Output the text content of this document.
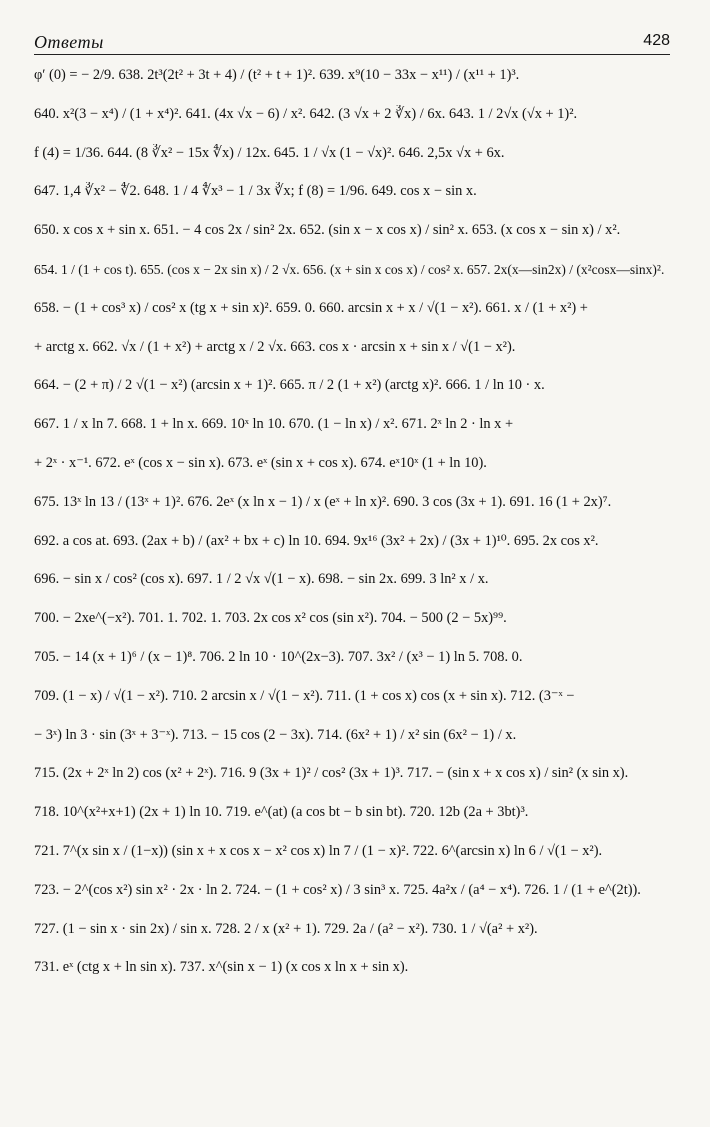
Ответы	428
φ′ (0) = − 2/9. 638. 2t³(2t² + 3t + 4) / (t² + t + 1)². 639. x⁹(10 − 33x − x¹¹) / (x¹¹ + 1)³.
640. x²(3 − x⁴) / (1 + x⁴)². 641. (4x √x − 6) / x². 642. (3 √x + 2 ∛x) / 6x. 643. 1 / 2√x (√x + 1)².
f (4) = 1/36. 644. (8 ∛x² − 15x ∜x) / 12x. 645. 1 / √x (1 − √x)². 646. 2,5x √x + 6x.
647. 1,4 ∛x² − ∜2. 648. 1 / 4 ∜x³ − 1 / 3x ∛x; f (8) = 1/96. 649. cos x − sin x.
650. x cos x + sin x. 651. − 4 cos 2x / sin² 2x. 652. (sin x − x cos x) / sin² x. 653. (x cos x − sin x) / x².
654. 1 / (1 + cos t). 655. (cos x − 2x sin x) / 2 √x. 656. (x + sin x cos x) / cos² x. 657. 2x(x—sin2x) / (x²cosx—sinx)².
658. − (1 + cos³ x) / cos² x (tg x + sin x)². 659. 0. 660. arcsin x + x / √(1 − x²). 661. x / (1 + x²) +
+ arctg x. 662. √x / (1 + x²) + arctg x / 2 √x. 663. cos x · arcsin x + sin x / √(1 − x²).
664. − (2 + π) / 2 √(1 − x²) (arcsin x + 1)². 665. π / 2 (1 + x²) (arctg x)². 666. 1 / ln 10 · x.
667. 1 / x ln 7. 668. 1 + ln x. 669. 10ˣ ln 10. 670. (1 − ln x) / x². 671. 2ˣ ln 2 · ln x +
+ 2ˣ · x⁻¹. 672. eˣ (cos x − sin x). 673. eˣ (sin x + cos x). 674. eˣ10ˣ (1 + ln 10).
675. 13ˣ ln 13 / (13ˣ + 1)². 676. 2eˣ (x ln x − 1) / x (eˣ + ln x)². 690. 3 cos (3x + 1). 691. 16 (1 + 2x)⁷.
692. a cos at. 693. (2ax + b) / (ax² + bx + c) ln 10. 694. 9x¹⁶ (3x² + 2x) / (3x + 1)¹⁰. 695. 2x cos x².
696. − sin x / cos² (cos x). 697. 1 / 2 √x √(1 − x). 698. − sin 2x. 699. 3 ln² x / x.
700. − 2xe^(−x²). 701. 1. 702. 1. 703. 2x cos x² cos (sin x²). 704. − 500 (2 − 5x)⁹⁹.
705. − 14 (x + 1)⁶ / (x − 1)⁸. 706. 2 ln 10 · 10^(2x−3). 707. 3x² / (x³ − 1) ln 5. 708. 0.
709. (1 − x) / √(1 − x²). 710. 2 arcsin x / √(1 − x²). 711. (1 + cos x) cos (x + sin x). 712. (3⁻ˣ −
− 3ˣ) ln 3 · sin (3ˣ + 3⁻ˣ). 713. − 15 cos (2 − 3x). 714. (6x² + 1) / x² sin (6x² − 1) / x.
715. (2x + 2ˣ ln 2) cos (x² + 2ˣ). 716. 9 (3x + 1)² / cos² (3x + 1)³. 717. − (sin x + x cos x) / sin² (x sin x).
718. 10^(x²+x+1) (2x + 1) ln 10. 719. e^(at) (a cos bt − b sin bt). 720. 12b (2a + 3bt)³.
721. 7^(x sin x / (1−x)) (sin x + x cos x − x² cos x) ln 7 / (1 − x)². 722. 6^(arcsin x) ln 6 / √(1 − x²).
723. − 2^(cos x²) sin x² · 2x · ln 2. 724. − (1 + cos² x) / 3 sin³ x. 725. 4a²x / (a⁴ − x⁴). 726. 1 / (1 + e^(2t)).
727. (1 − sin x · sin 2x) / sin x. 728. 2 / x (x² + 1). 729. 2a / (a² − x²). 730. 1 / √(a² + x²).
731. eˣ (ctg x + ln sin x). 737. x^(sin x − 1) (x cos x ln x + sin x).
